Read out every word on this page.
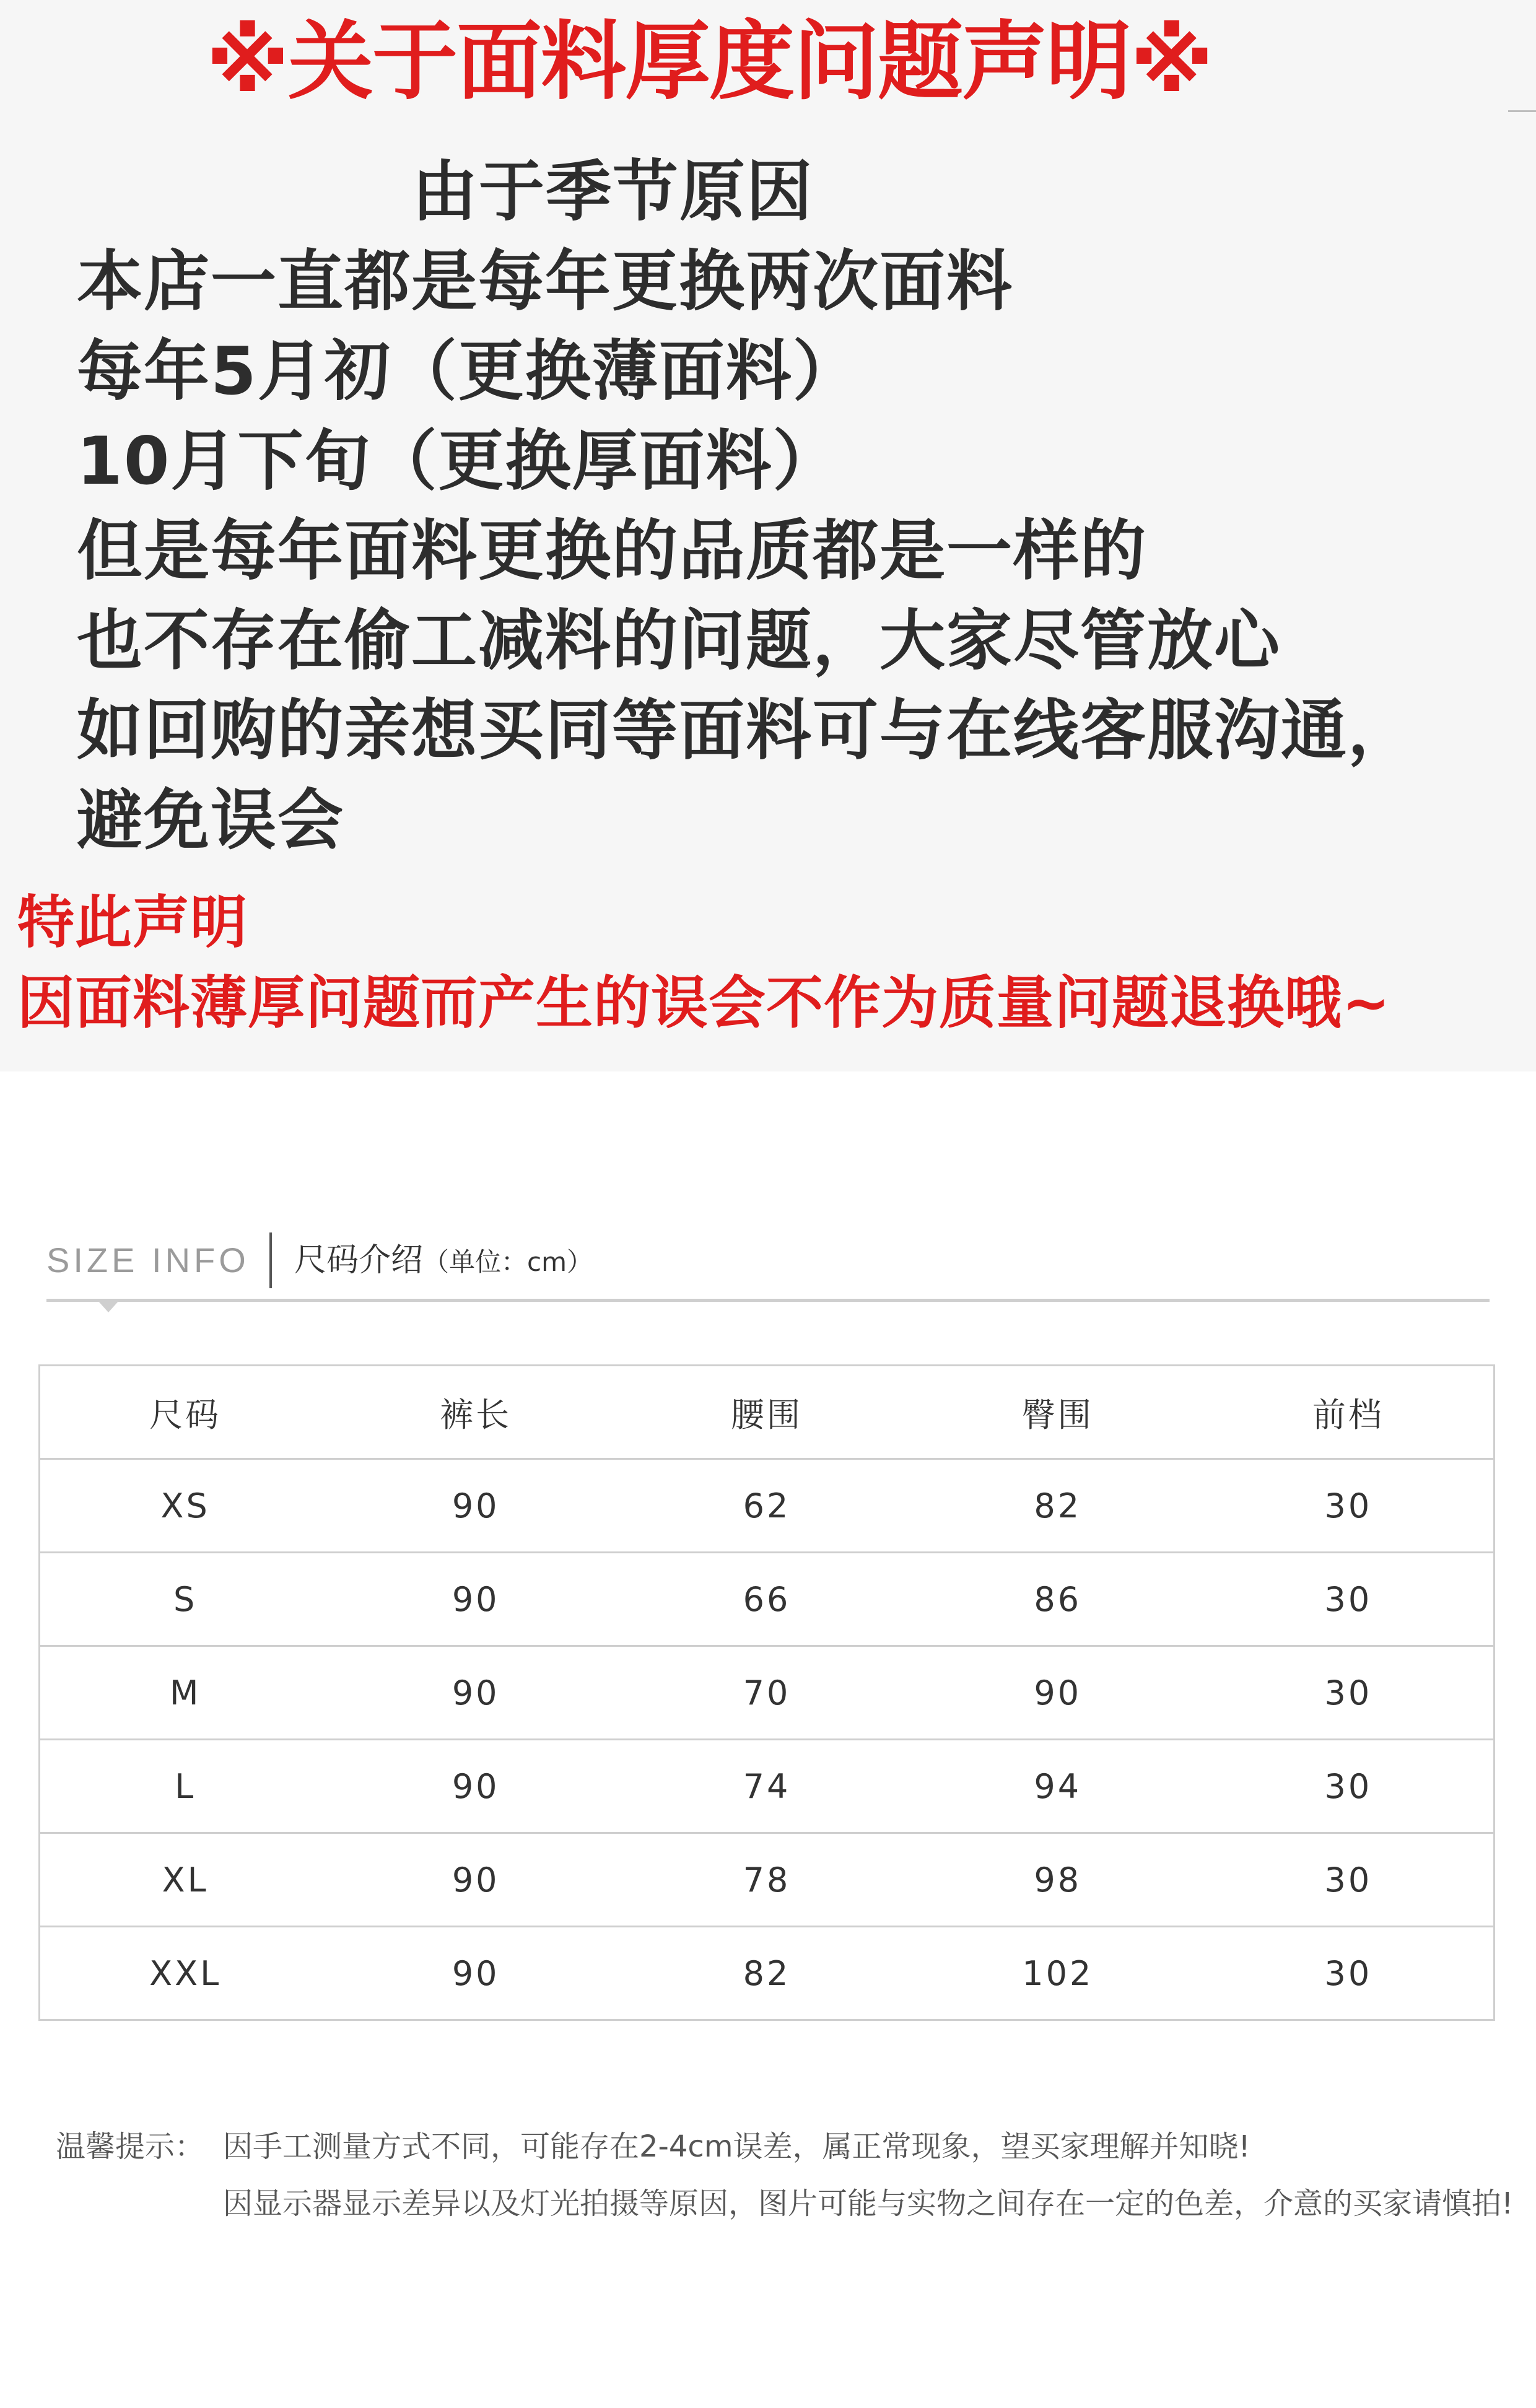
※关于面料厚度问题声明※
由于季节原因
本店一直都是每年更换两次面料
每年5月初（更换薄面料）
10月下旬（更换厚面料）
但是每年面料更换的品质都是一样的
也不存在偷工减料的问题，大家尽管放心
如回购的亲想买同等面料可与在线客服沟通，
避免误会
特此声明
因面料薄厚问题而产生的误会不作为质量问题退换哦~
SIZE INFO 尺码介绍（单位：cm）
尺码	裤长	腰围	臀围	前档
XS	90	62	82	30
S	90	66	86	30
M	90	70	90	30
L	90	74	94	30
XL	90	78	98	30
XXL	90	82	102	30
温馨提示： 因手工测量方式不同，可能存在2-4cm误差，属正常现象，望买家理解并知晓!
因显示器显示差异以及灯光拍摄等原因，图片可能与实物之间存在一定的色差，介意的买家请慎拍!
